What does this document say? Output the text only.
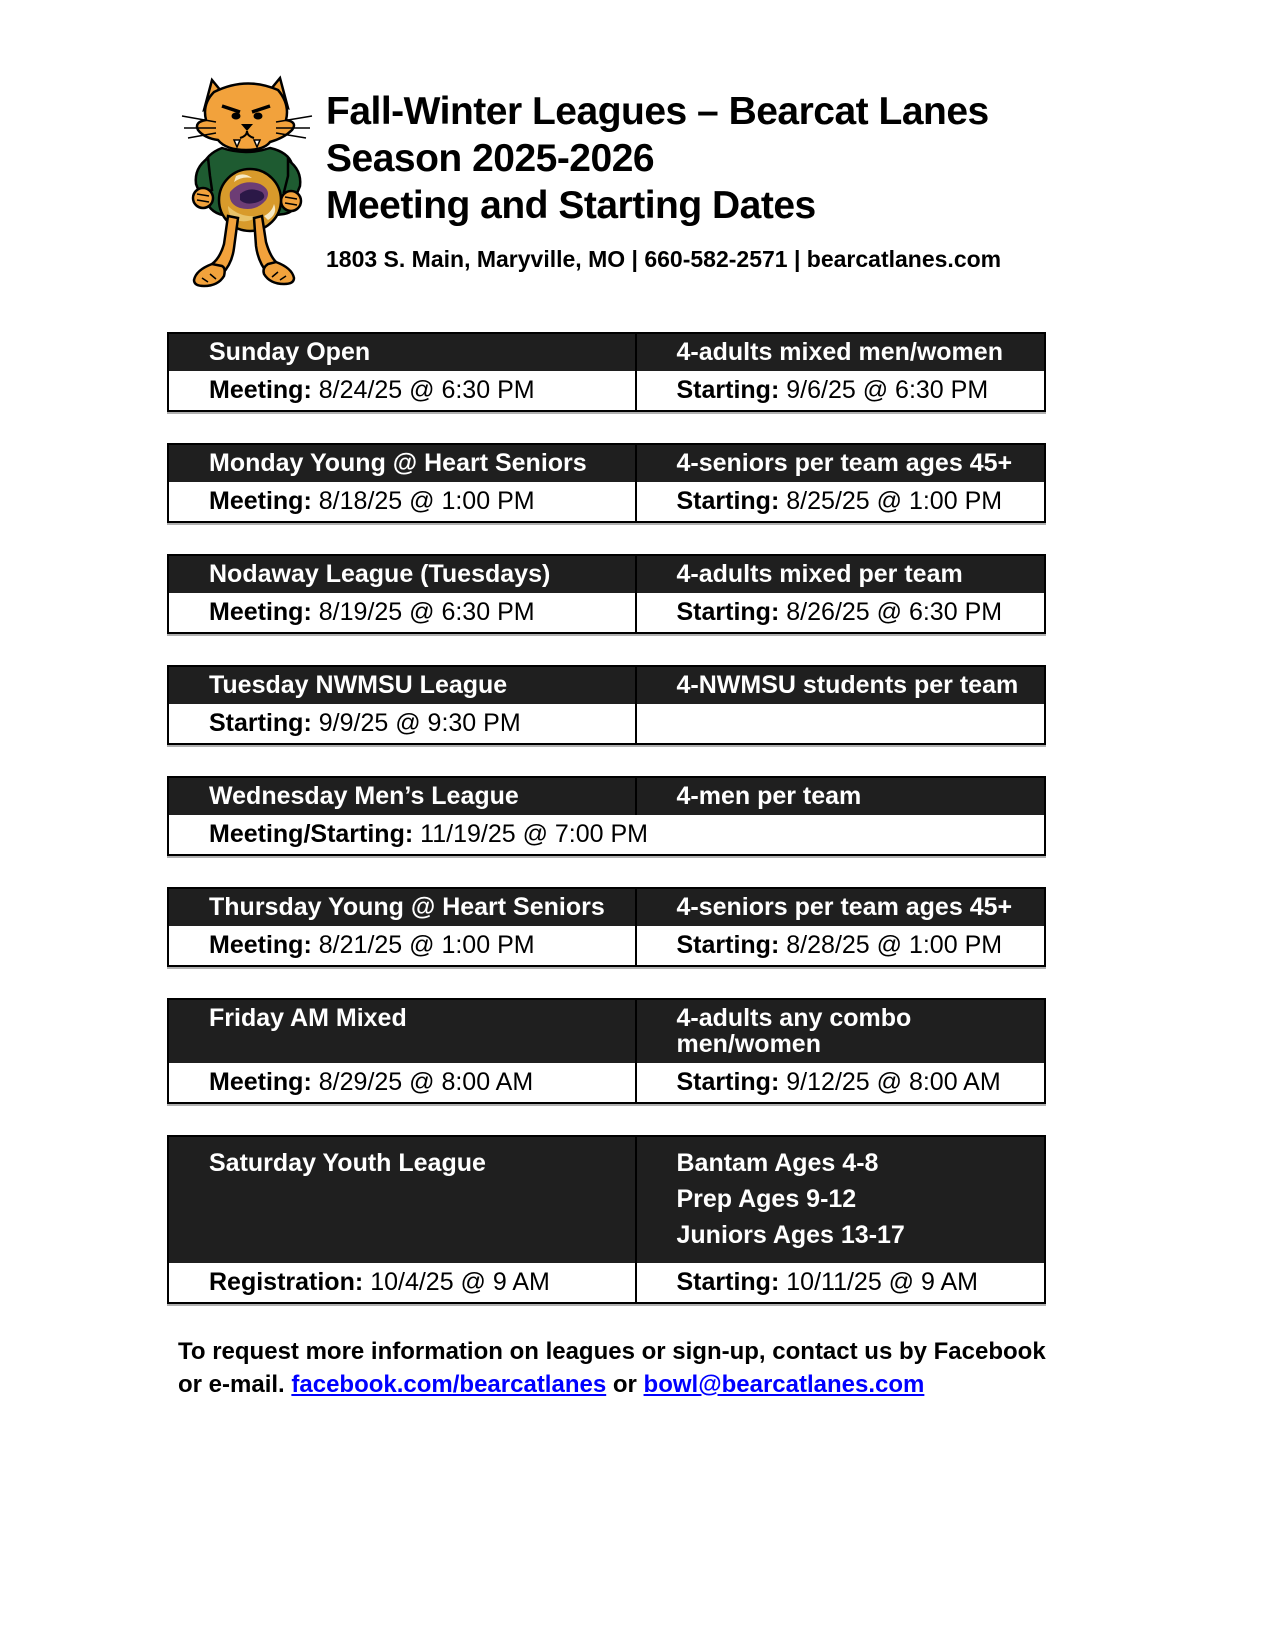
Fall-Winter Leagues – Bearcat Lanes
Season 2025-2026
Meeting and Starting Dates
1803 S. Main, Maryville, MO | 660-582-2571 | bearcatlanes.com
Sunday Open	4-adults mixed men/women
Meeting: 8/24/25 @ 6:30 PM	Starting: 9/6/25 @ 6:30 PM
Monday Young @ Heart Seniors	4-seniors per team ages 45+
Meeting: 8/18/25 @ 1:00 PM	Starting: 8/25/25 @ 1:00 PM
Nodaway League (Tuesdays)	4-adults mixed per team
Meeting: 8/19/25 @ 6:30 PM	Starting: 8/26/25 @ 6:30 PM
Tuesday NWMSU League	4-NWMSU students per team
Starting: 9/9/25 @ 9:30 PM
Wednesday Men’s League	4-men per team
Meeting/Starting: 11/19/25 @ 7:00 PM
Thursday Young @ Heart Seniors	4-seniors per team ages 45+
Meeting: 8/21/25 @ 1:00 PM	Starting: 8/28/25 @ 1:00 PM
Friday AM Mixed	4-adults any combo men/women
Meeting: 8/29/25 @ 8:00 AM	Starting: 9/12/25 @ 8:00 AM
Saturday Youth League	Bantam Ages 4-8
Prep Ages 9-12
Juniors Ages 13-17
Registration: 10/4/25 @ 9 AM	Starting: 10/11/25 @ 9 AM
To request more information on leagues or sign-up, contact us by Facebook
or e-mail. facebook.com/bearcatlanes or bowl@bearcatlanes.com
